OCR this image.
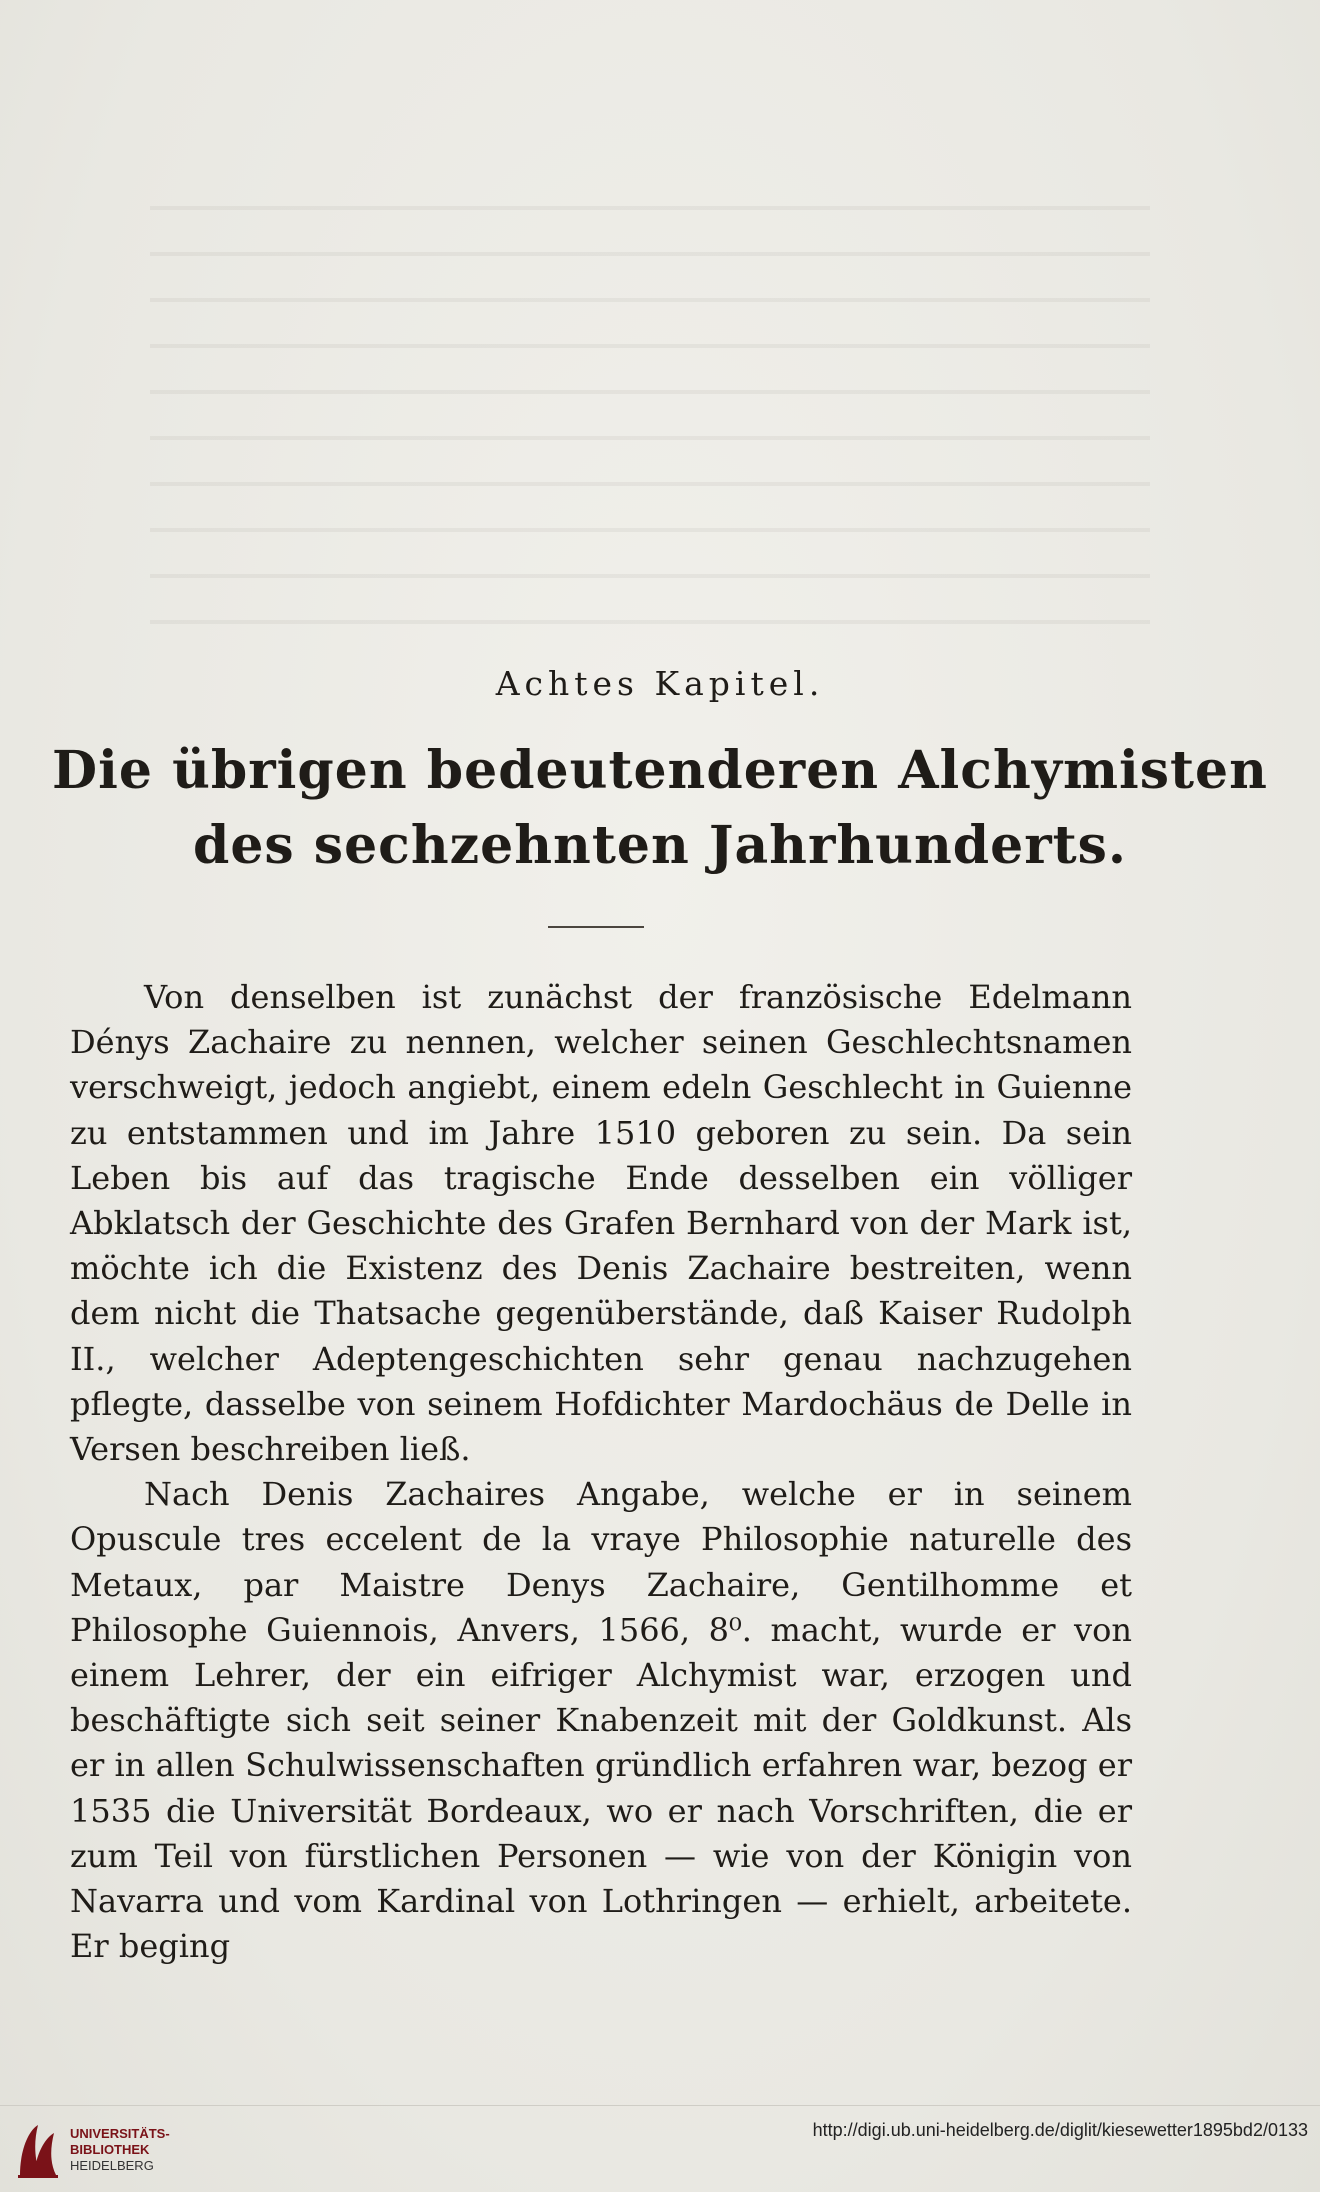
Achtes Kapitel.
Die übrigen bedeutenderen Alchymisten
des sechzehnten Jahrhunderts.

Von denselben ist zunächst der französische Edelmann Dénys Zachaire zu nennen, welcher seinen Geschlechtsnamen verschweigt, jedoch angiebt, einem edeln Geschlecht in Guienne zu entstammen und im Jahre 1510 geboren zu sein. Da sein Leben bis auf das tragische Ende desselben ein völliger Abklatsch der Geschichte des Grafen Bernhard von der Mark ist, möchte ich die Existenz des Denis Zachaire bestreiten, wenn dem nicht die Thatsache gegenüberstände, daß Kaiser Rudolph II., welcher Adeptengeschichten sehr genau nachzugehen pflegte, dasselbe von seinem Hofdichter Mardochäus de Delle in Versen beschreiben ließ.

Nach Denis Zachaires Angabe, welche er in seinem Opuscule tres eccelent de la vraye Philosophie naturelle des Metaux, par Maistre Denys Zachaire, Gentilhomme et Philosophe Guiennois, Anvers, 1566, 8⁰. macht, wurde er von einem Lehrer, der ein eifriger Alchymist war, erzogen und beschäftigte sich seit seiner Knabenzeit mit der Goldkunst. Als er in allen Schulwissenschaften gründlich erfahren war, bezog er 1535 die Universität Bordeaux, wo er nach Vorschriften, die er zum Teil von fürstlichen Personen — wie von der Königin von Navarra und vom Kardinal von Lothringen — erhielt, arbeitete. Er beging

UNIVERSITÄTS-
BIBLIOTHEK
HEIDELBERG
http://digi.ub.uni-heidelberg.de/diglit/kiesewetter1895bd2/0133
